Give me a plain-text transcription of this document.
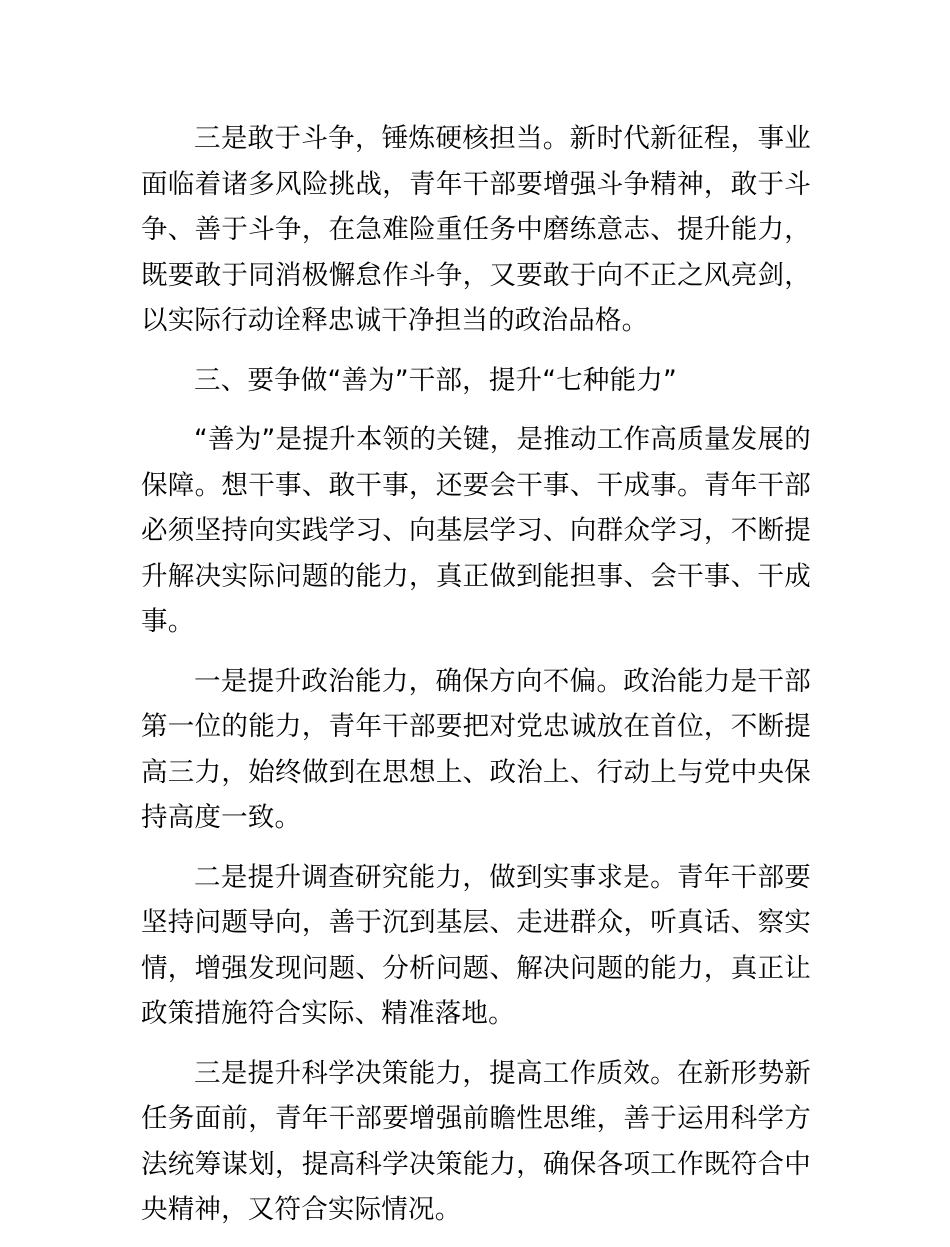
三是敢于斗争，锤炼硬核担当。新时代新征程，事业面临着诸多风险挑战，青年干部要增强斗争精神，敢于斗争、善于斗争，在急难险重任务中磨练意志、提升能力，既要敢于同消极懈怠作斗争，又要敢于向不正之风亮剑，以实际行动诠释忠诚干净担当的政治品格。

三、要争做“善为”干部，提升“七种能力”

“善为”是提升本领的关键，是推动工作高质量发展的保障。想干事、敢干事，还要会干事、干成事。青年干部必须坚持向实践学习、向基层学习、向群众学习，不断提升解决实际问题的能力，真正做到能担事、会干事、干成事。

一是提升政治能力，确保方向不偏。政治能力是干部第一位的能力，青年干部要把对党忠诚放在首位，不断提高三力，始终做到在思想上、政治上、行动上与党中央保持高度一致。

二是提升调查研究能力，做到实事求是。青年干部要坚持问题导向，善于沉到基层、走进群众，听真话、察实情，增强发现问题、分析问题、解决问题的能力，真正让政策措施符合实际、精准落地。

三是提升科学决策能力，提高工作质效。在新形势新任务面前，青年干部要增强前瞻性思维，善于运用科学方法统筹谋划，提高科学决策能力，确保各项工作既符合中央精神，又符合实际情况。
